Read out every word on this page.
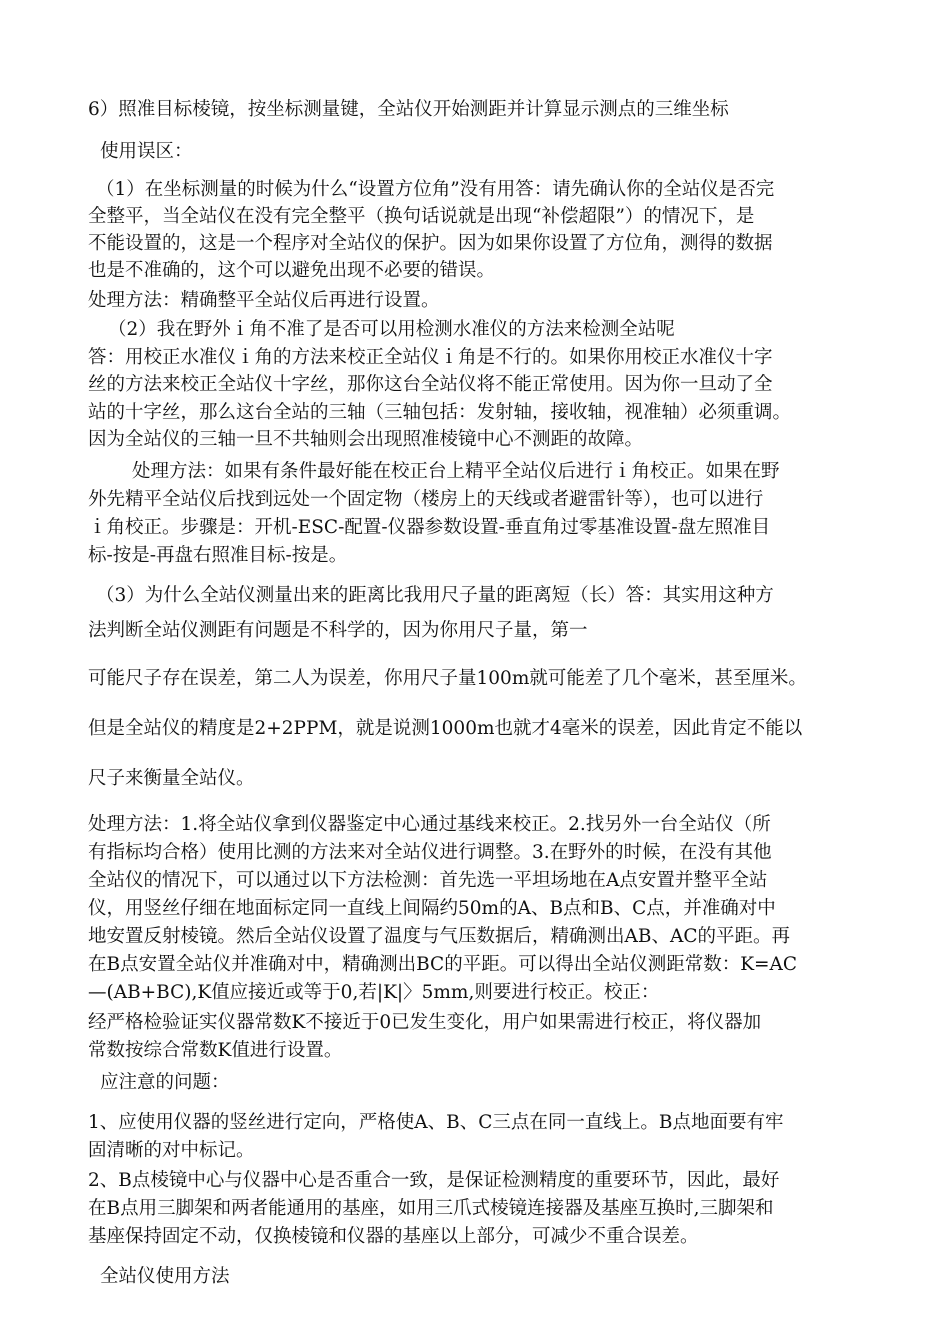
6）照准目标棱镜，按坐标测量键，全站仪开始测距并计算显示测点的三维坐标
使用误区：
（1）在坐标测量的时候为什么“设置方位角”没有用答：请先确认你的全站仪是否完
全整平，当全站仪在没有完全整平（换句话说就是出现“补偿超限”）的情况下，是
不能设置的，这是一个程序对全站仪的保护。因为如果你设置了方位角，测得的数据
也是不准确的，这个可以避免出现不必要的错误。
处理方法：精确整平全站仪后再进行设置。
（2）我在野外ｉ角不准了是否可以用检测水准仪的方法来检测全站呢
答：用校正水准仪ｉ角的方法来校正全站仪ｉ角是不行的。如果你用校正水准仪十字
丝的方法来校正全站仪十字丝，那你这台全站仪将不能正常使用。因为你一旦动了全
站的十字丝，那么这台全站的三轴（三轴包括：发射轴，接收轴，视准轴）必须重调。
因为全站仪的三轴一旦不共轴则会出现照准棱镜中心不测距的故障。
处理方法：如果有条件最好能在校正台上精平全站仪后进行ｉ角校正。如果在野
外先精平全站仪后找到远处一个固定物（楼房上的天线或者避雷针等），也可以进行
ｉ角校正。步骤是：开机-ESC-配置-仪器参数设置-垂直角过零基准设置-盘左照准目
标-按是-再盘右照准目标-按是。
（3）为什么全站仪测量出来的距离比我用尺子量的距离短（长）答：其实用这种方
法判断全站仪测距有问题是不科学的，因为你用尺子量，第一
可能尺子存在误差，第二人为误差，你用尺子量100m就可能差了几个毫米，甚至厘米。
但是全站仪的精度是2+2PPM，就是说测1000m也就才4毫米的误差，因此肯定不能以
尺子来衡量全站仪。
处理方法：1.将全站仪拿到仪器鉴定中心通过基线来校正。2.找另外一台全站仪（所
有指标均合格）使用比测的方法来对全站仪进行调整。3.在野外的时候，在没有其他
全站仪的情况下，可以通过以下方法检测：首先选一平坦场地在A点安置并整平全站
仪，用竖丝仔细在地面标定同一直线上间隔约50m的A、B点和B、C点，并准确对中
地安置反射棱镜。然后全站仪设置了温度与气压数据后，精确测出AB、AC的平距。再
在B点安置全站仪并准确对中，精确测出BC的平距。可以得出全站仪测距常数：K=AC
—(AB+BC),K值应接近或等于0,若|K|〉5mm,则要进行校正。校正：
经严格检验证实仪器常数K不接近于0已发生变化，用户如果需进行校正，将仪器加
常数按综合常数K值进行设置。
应注意的问题：
1、应使用仪器的竖丝进行定向，严格使A、B、C三点在同一直线上。B点地面要有牢
固清晰的对中标记。
2、B点棱镜中心与仪器中心是否重合一致，是保证检测精度的重要环节，因此，最好
在B点用三脚架和两者能通用的基座，如用三爪式棱镜连接器及基座互换时,三脚架和
基座保持固定不动，仅换棱镜和仪器的基座以上部分，可减少不重合误差。
全站仪使用方法
